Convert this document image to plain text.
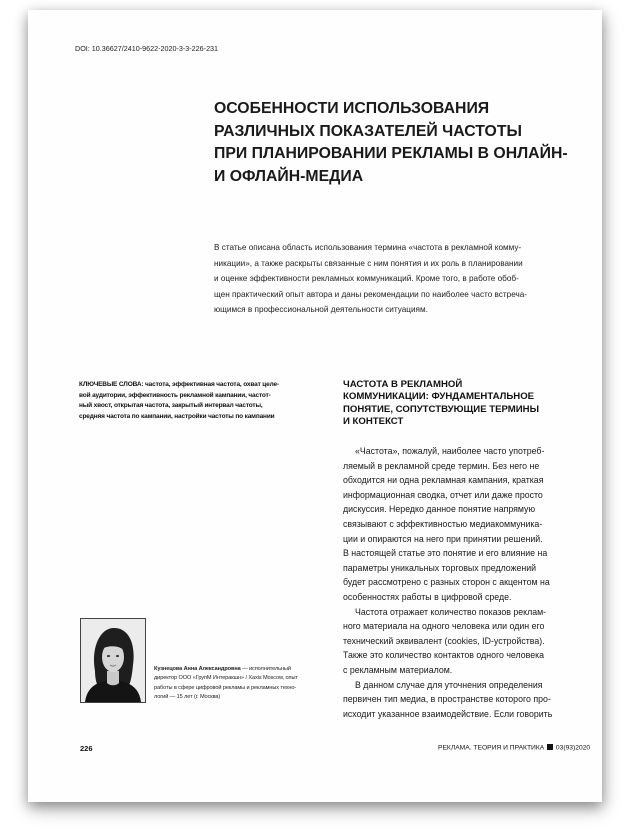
DOI: 10.36627/2410-9622-2020-3-3-226-231
ОСОБЕННОСТИ ИСПОЛЬЗОВАНИЯ
РАЗЛИЧНЫХ ПОКАЗАТЕЛЕЙ ЧАСТОТЫ
ПРИ ПЛАНИРОВАНИИ РЕКЛАМЫ В ОНЛАЙН-
И ОФЛАЙН-МЕДИА
В статье описана область использования термина «частота в рекламной комму-
никации», а также раскрыты связанные с ним понятия и их роль в планировании
и оценке эффективности рекламных коммуникаций. Кроме того, в работе обоб-
щен практический опыт автора и даны рекомендации по наиболее часто встреча-
ющимся в профессиональной деятельности ситуациям.
КЛЮЧЕВЫЕ СЛОВА: частота, эффективная частота, охват целе-
вой аудитории, эффективность рекламной кампании, частот-
ный хвост, открытая частота, закрытый интервал частоты,
средняя частота по кампании, настройки частоты по кампании
ЧАСТОТА В РЕКЛАМНОЙ
КОММУНИКАЦИИ: ФУНДАМЕНТАЛЬНОЕ
ПОНЯТИЕ, СОПУТСТВУЮЩИЕ ТЕРМИНЫ
И КОНТЕКСТ
«Частота», пожалуй, наиболее часто употреб-
ляемый в рекламной среде термин. Без него не
обходится ни одна рекламная кампания, краткая
информационная сводка, отчет или даже просто
дискуссия. Нередко данное понятие напрямую
связывают с эффективностью медиакоммуника-
ции и опираются на него при принятии решений.
В настоящей статье это понятие и его влияние на
параметры уникальных торговых предложений
будет рассмотрено с разных сторон с акцентом на
особенностях работы в цифровой среде.
Частота отражает количество показов реклам-
ного материала на одного человека или один его
технический эквивалент (cookies, ID-устройства).
Также это количество контактов одного человека
с рекламным материалом.
В данном случае для уточнения определения
первичен тип медиа, в пространстве которого про-
исходит указанное взаимодействие. Если говорить
Кузнецова Анна Александровна — исполнительный
директор ООО «ГрупМ Интеракшн» / Xaxis Moscow, опыт
работы в сфере цифровой рекламы и рекламных техно-
логий — 15 лет (г. Москва)
226	РЕКЛАМА. ТЕОРИЯ И ПРАКТИКА 03(93)2020
